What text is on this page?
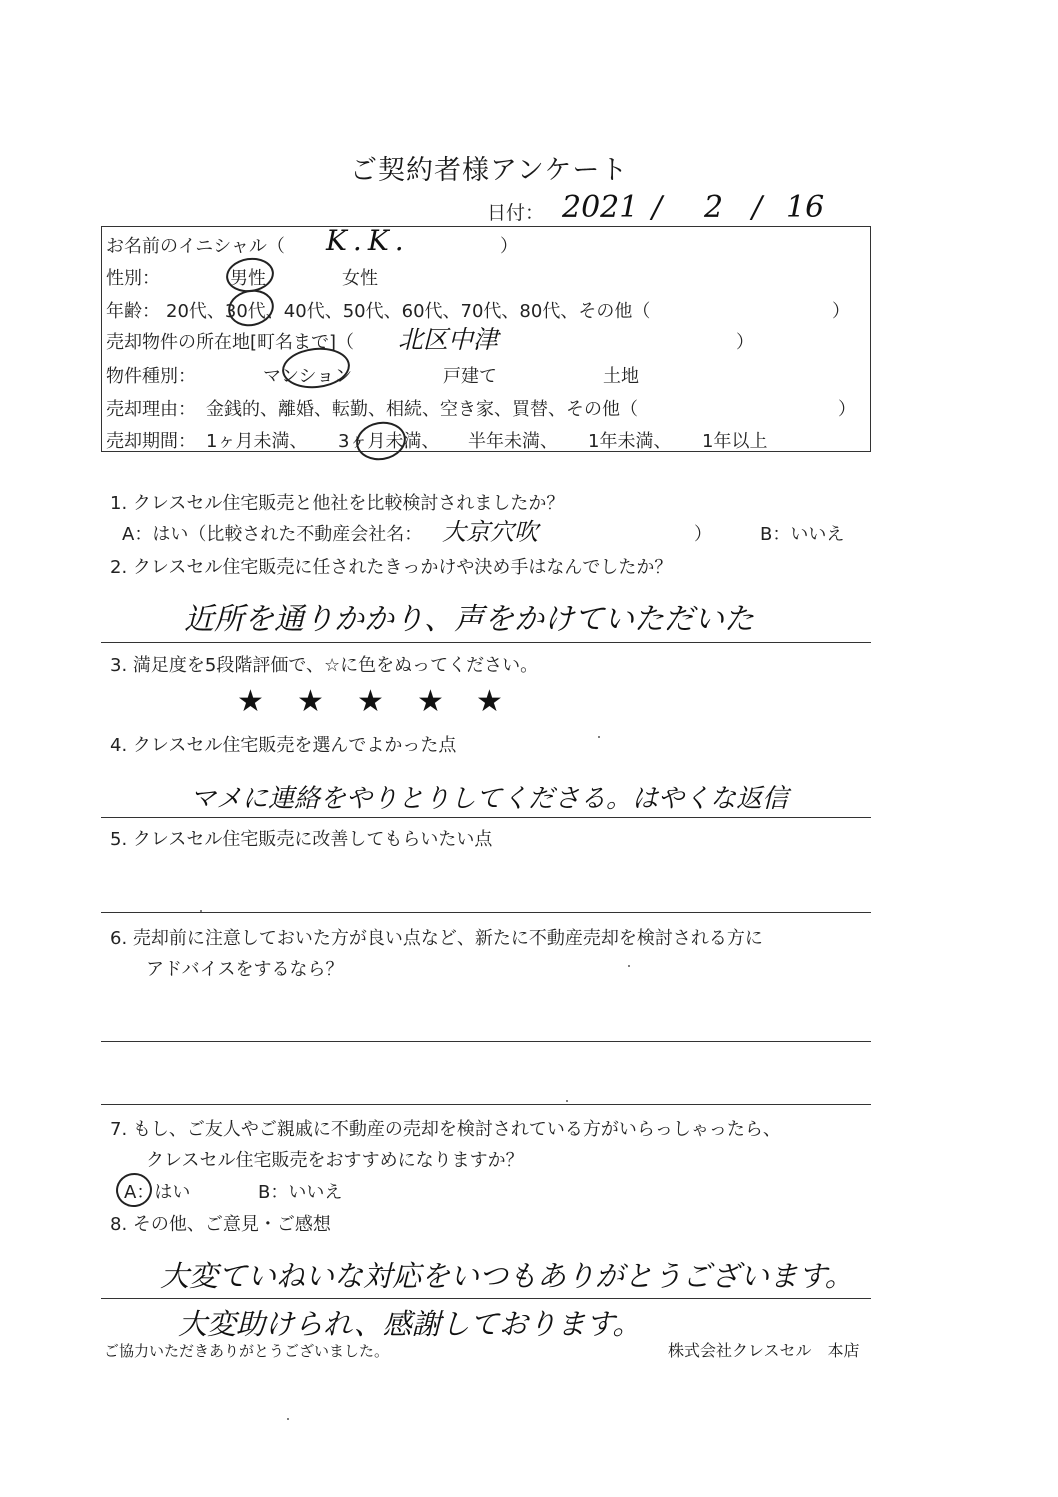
ご契約者様アンケート
日付： 2021 / 2 / 16
お名前のイニシャル（ K.K.	）
性別：	男性	女性
年齢： 20代、30代、40代、50代、60代、70代、80代、その他（	）
売却物件の所在地[町名まで]（ 北区中津	）
物件種別：	マンション	戸建て	土地
売却理由： 金銭的、離婚、転勤、相続、空き家、買替、その他（	）
売却期間： 1ヶ月未満、 3ヶ月未満、 半年未満、 1年未満、 1年以上
1. クレスセル住宅販売と他社を比較検討されましたか？
A：はい（比較された不動産会社名： 大京穴吹	）	B：いいえ
2. クレスセル住宅販売に任されたきっかけや決め手はなんでしたか？
近所を通りかかり、声をかけていただいた
3. 満足度を5段階評価で、☆に色をぬってください。
★ ★ ★ ★ ★
4. クレスセル住宅販売を選んでよかった点
マメに連絡をやりとりしてくださる。はやくな返信
5. クレスセル住宅販売に改善してもらいたい点
6. 売却前に注意しておいた方が良い点など、新たに不動産売却を検討される方に
アドバイスをするなら？
7. もし、ご友人やご親戚に不動産の売却を検討されている方がいらっしゃったら、
クレスセル住宅販売をおすすめになりますか？
A：はい	B：いいえ
8. その他、ご意見・ご感想
大変ていねいな対応をいつもありがとうございます。
大変助けられ、感謝しております。
ご協力いただきありがとうございました。	株式会社クレスセル　本店
